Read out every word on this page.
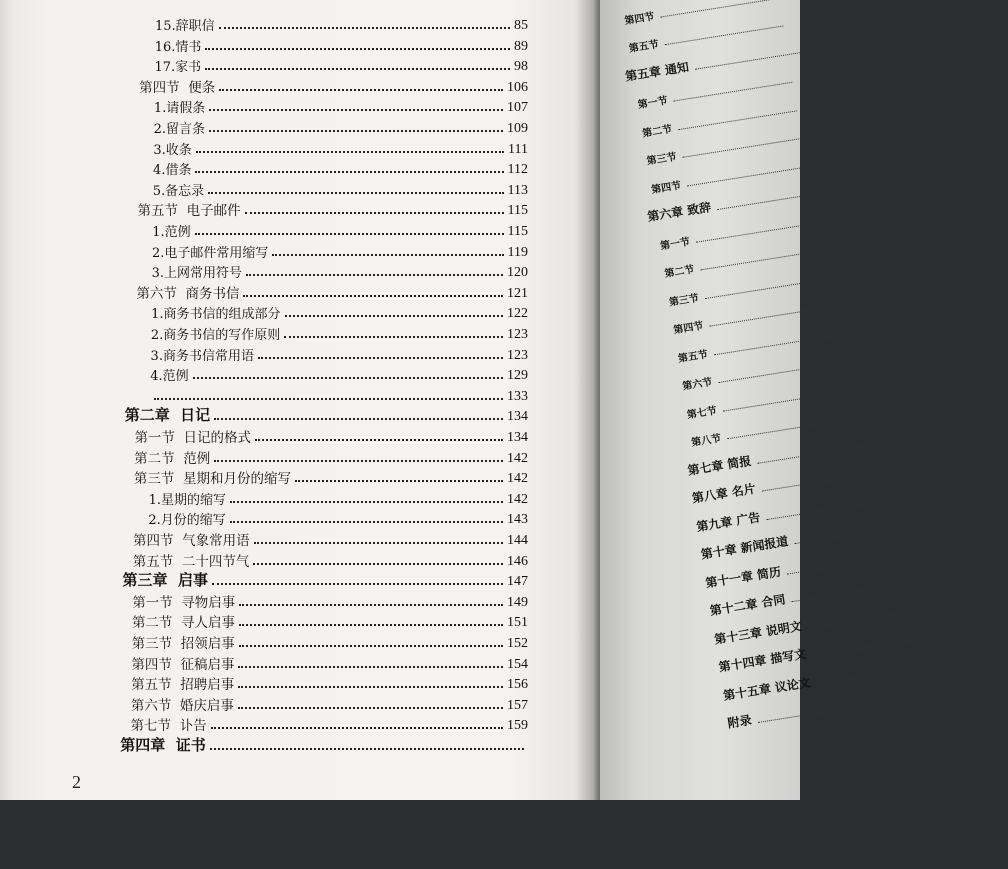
第四节
第五节
第五章 通知
第一节
第二节
第三节
第四节
第六章 致辞
第一节
第二节
第三节
第四节
第五节
第六节
第七节
第八节
第七章 简报
第八章 名片
第九章 广告
第十章 新闻报道
第十一章 简历
第十二章 合同
第十三章 说明文
第十四章 描写文
第十五章 议论文
附录
15.辞职信	85
16.情书	89
17.家书	98
第四节  便条	106
1.请假条	107
2.留言条	109
3.收条	111
4.借条	112
5.备忘录	113
第五节  电子邮件	115
1.范例	115
2.电子邮件常用缩写	119
3.上网常用符号	120
第六节  商务书信	121
1.商务书信的组成部分	122
2.商务书信的写作原则	123
3.商务书信常用语	123
4.范例	129
133
第二章  日记	134
第一节  日记的格式	134
第二节  范例	142
第三节  星期和月份的缩写	142
1.星期的缩写	142
2.月份的缩写	143
第四节  气象常用语	144
第五节  二十四节气	146
第三章  启事	147
第一节  寻物启事	149
第二节  寻人启事	151
第三节  招领启事	152
第四节  征稿启事	154
第五节  招聘启事	156
第六节  婚庆启事	157
第七节  讣告	159
第四章  证书
2
